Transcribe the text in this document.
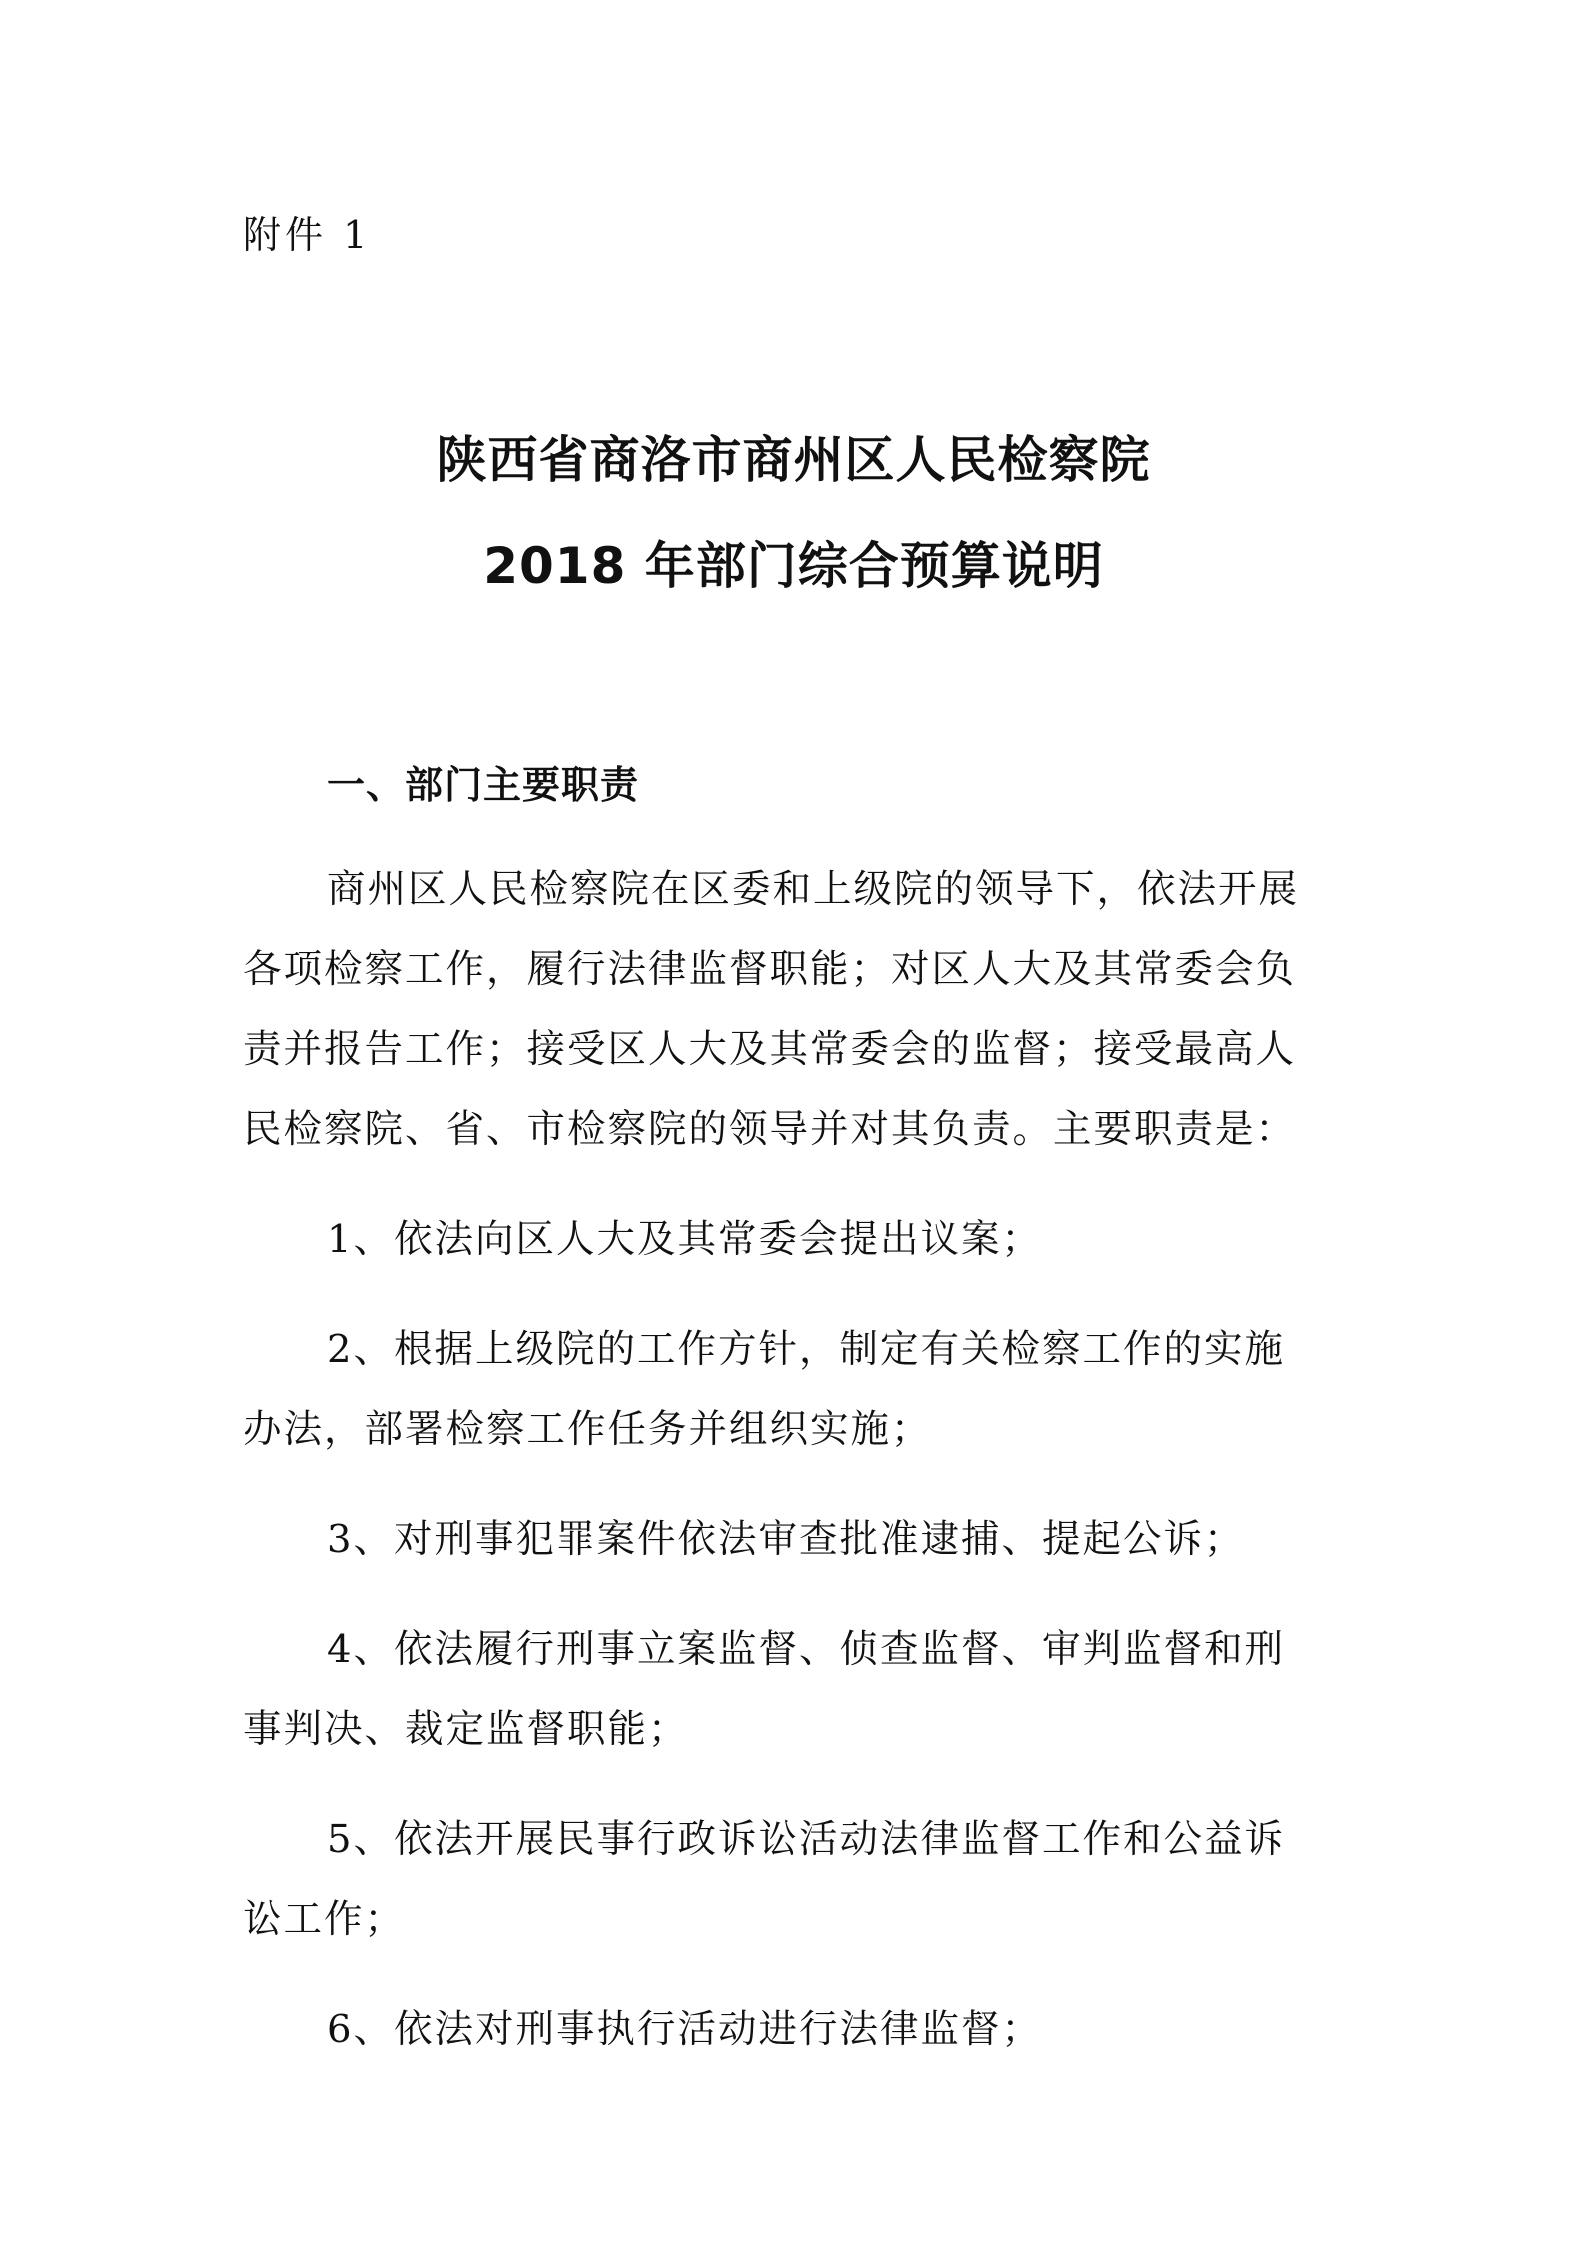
附件 1
陕西省商洛市商州区人民检察院
2018 年部门综合预算说明
一、部门主要职责
商州区人民检察院在区委和上级院的领导下，依法开展
各项检察工作，履行法律监督职能；对区人大及其常委会负
责并报告工作；接受区人大及其常委会的监督；接受最高人
民检察院、省、市检察院的领导并对其负责。主要职责是：
1、依法向区人大及其常委会提出议案；
2、根据上级院的工作方针，制定有关检察工作的实施
办法，部署检察工作任务并组织实施；
3、对刑事犯罪案件依法审查批准逮捕、提起公诉；
4、依法履行刑事立案监督、侦查监督、审判监督和刑
事判决、裁定监督职能；
5、依法开展民事行政诉讼活动法律监督工作和公益诉
讼工作；
6、依法对刑事执行活动进行法律监督；
